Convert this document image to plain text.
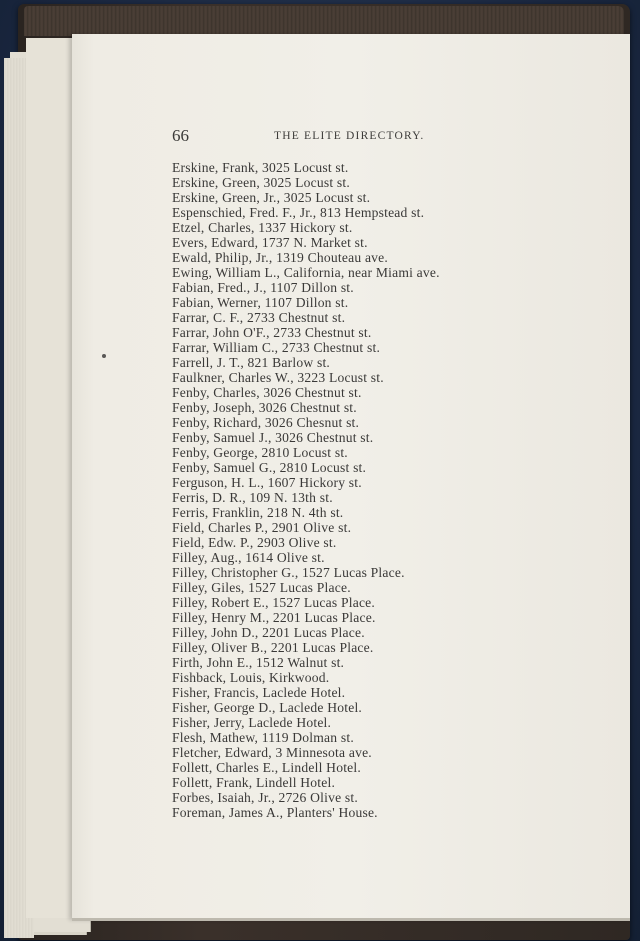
66	THE ELITE DIRECTORY.
Erskine, Frank, 3025 Locust st.
Erskine, Green, 3025 Locust st.
Erskine, Green, Jr., 3025 Locust st.
Espenschied, Fred. F., Jr., 813 Hempstead st.
Etzel, Charles, 1337 Hickory st.
Evers, Edward, 1737 N. Market st.
Ewald, Philip, Jr., 1319 Chouteau ave.
Ewing, William L., California, near Miami ave.
Fabian, Fred., J., 1107 Dillon st.
Fabian, Werner, 1107 Dillon st.
Farrar, C. F., 2733 Chestnut st.
Farrar, John O'F., 2733 Chestnut st.
Farrar, William C., 2733 Chestnut st.
Farrell, J. T., 821 Barlow st.
Faulkner, Charles W., 3223 Locust st.
Fenby, Charles, 3026 Chestnut st.
Fenby, Joseph, 3026 Chestnut st.
Fenby, Richard, 3026 Chesnut st.
Fenby, Samuel J., 3026 Chestnut st.
Fenby, George, 2810 Locust st.
Fenby, Samuel G., 2810 Locust st.
Ferguson, H. L., 1607 Hickory st.
Ferris, D. R., 109 N. 13th st.
Ferris, Franklin, 218 N. 4th st.
Field, Charles P., 2901 Olive st.
Field, Edw. P., 2903 Olive st.
Filley, Aug., 1614 Olive st.
Filley, Christopher G., 1527 Lucas Place.
Filley, Giles, 1527 Lucas Place.
Filley, Robert E., 1527 Lucas Place.
Filley, Henry M., 2201 Lucas Place.
Filley, John D., 2201 Lucas Place.
Filley, Oliver B., 2201 Lucas Place.
Firth, John E., 1512 Walnut st.
Fishback, Louis, Kirkwood.
Fisher, Francis, Laclede Hotel.
Fisher, George D., Laclede Hotel.
Fisher, Jerry, Laclede Hotel.
Flesh, Mathew, 1119 Dolman st.
Fletcher, Edward, 3 Minnesota ave.
Follett, Charles E., Lindell Hotel.
Follett, Frank, Lindell Hotel.
Forbes, Isaiah, Jr., 2726 Olive st.
Foreman, James A., Planters' House.
